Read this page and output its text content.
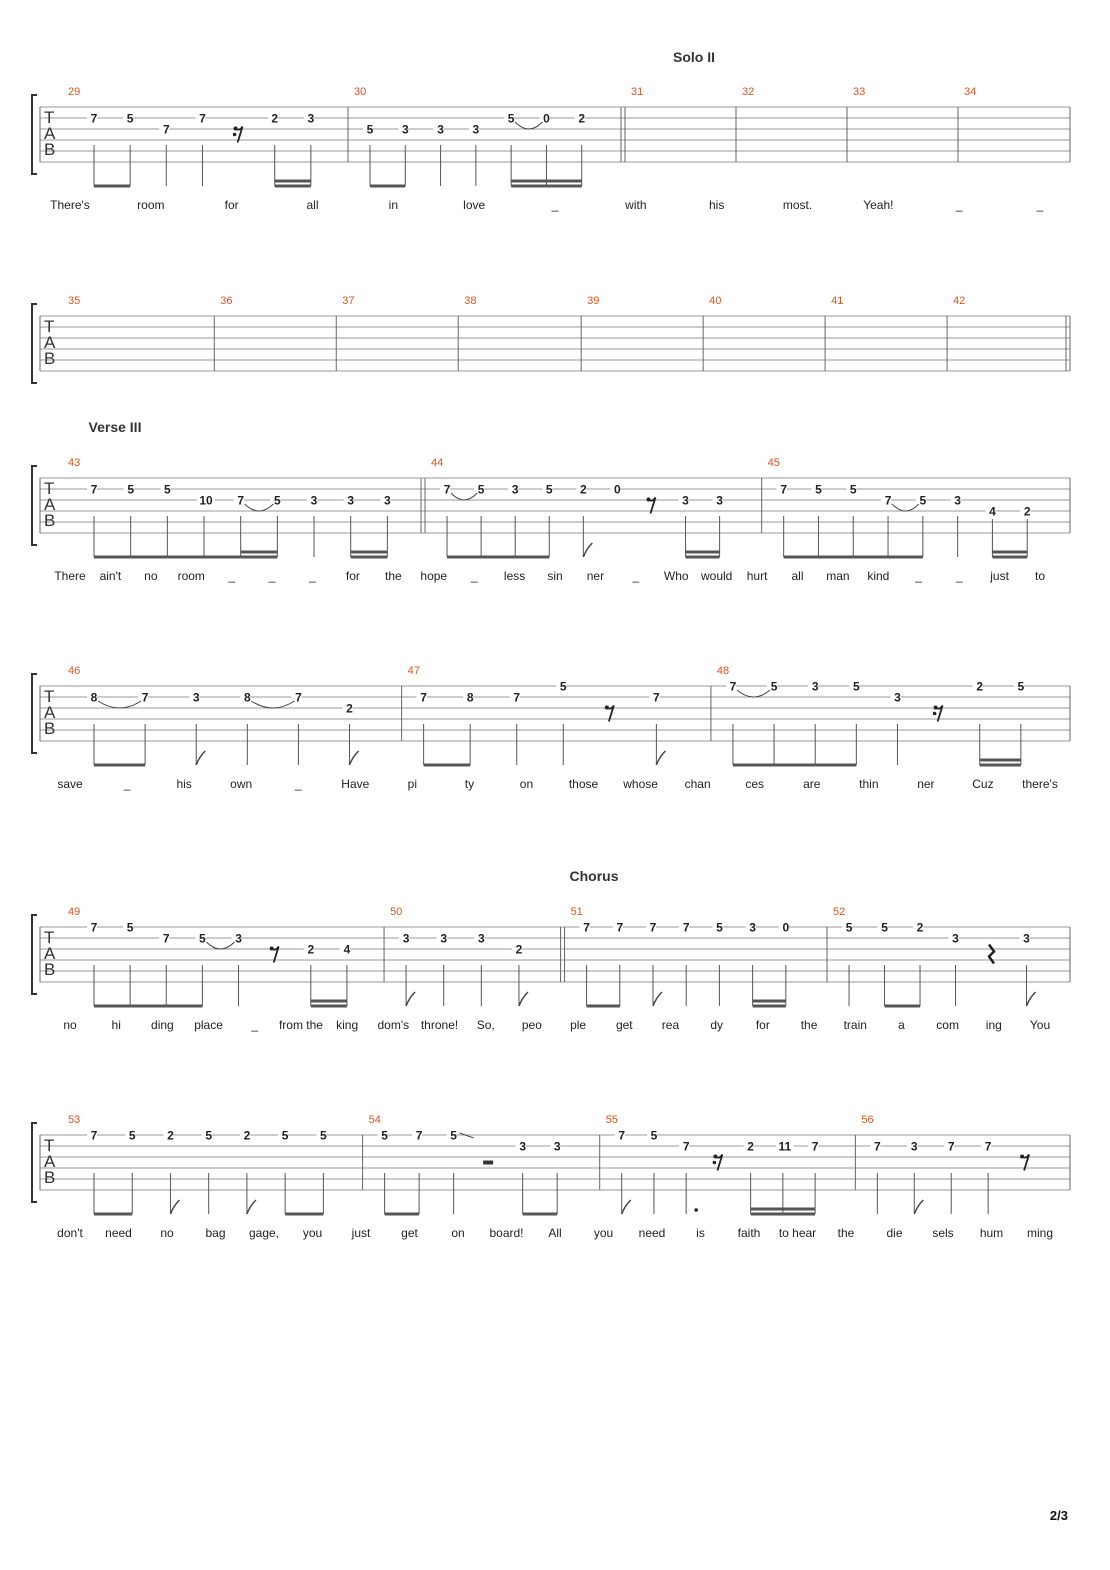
T
A
B
Solo II
29
7 5
7
7	2 3
30
5 3 3 3
5 0 2
31	32	33	34
There's	room	for	all	in	love	_	with	his	most.	Yeah!	_	_
T
A
B
35	36	37	38	39	40	41	42
T
A
B
Verse III
43
7 5 5
10 7 5 3 3 3
44
7 5 3 5 2 0
3 3
45
7 5 5
7 5 3
4 2
There ain't no room _	_	_	for the hope _ less sin ner _ Who would hurt all man kind _	_ just to
T
A
B
46
8	7	3	8	7
2
47
7	8	7
5
7
48
7	5	3	5
3
2	5
save	_	his	own	_	Have	pi	ty	on	those whose chan	ces	are	thin	ner	Cuz there's
T
A
B
Chorus
49
7 5
7 5 3
2 4
50
3	3	3
2
51
7 7 7 7 5 3 0
52
5 5 2
3	3
no	hi	ding place _ from the king dom's throne! So, peo ple get rea	dy	for	the train	a	com ing You
T
A
B
53
7	5	2	5	2	5	5
54
5 7 5
3 3
55
7 5
7	2 11 7
56
7	3	7	7
don't need no	bag gage, you just	get	on board! All	you need	is	faith to hear the	die sels hum ming
2/3
